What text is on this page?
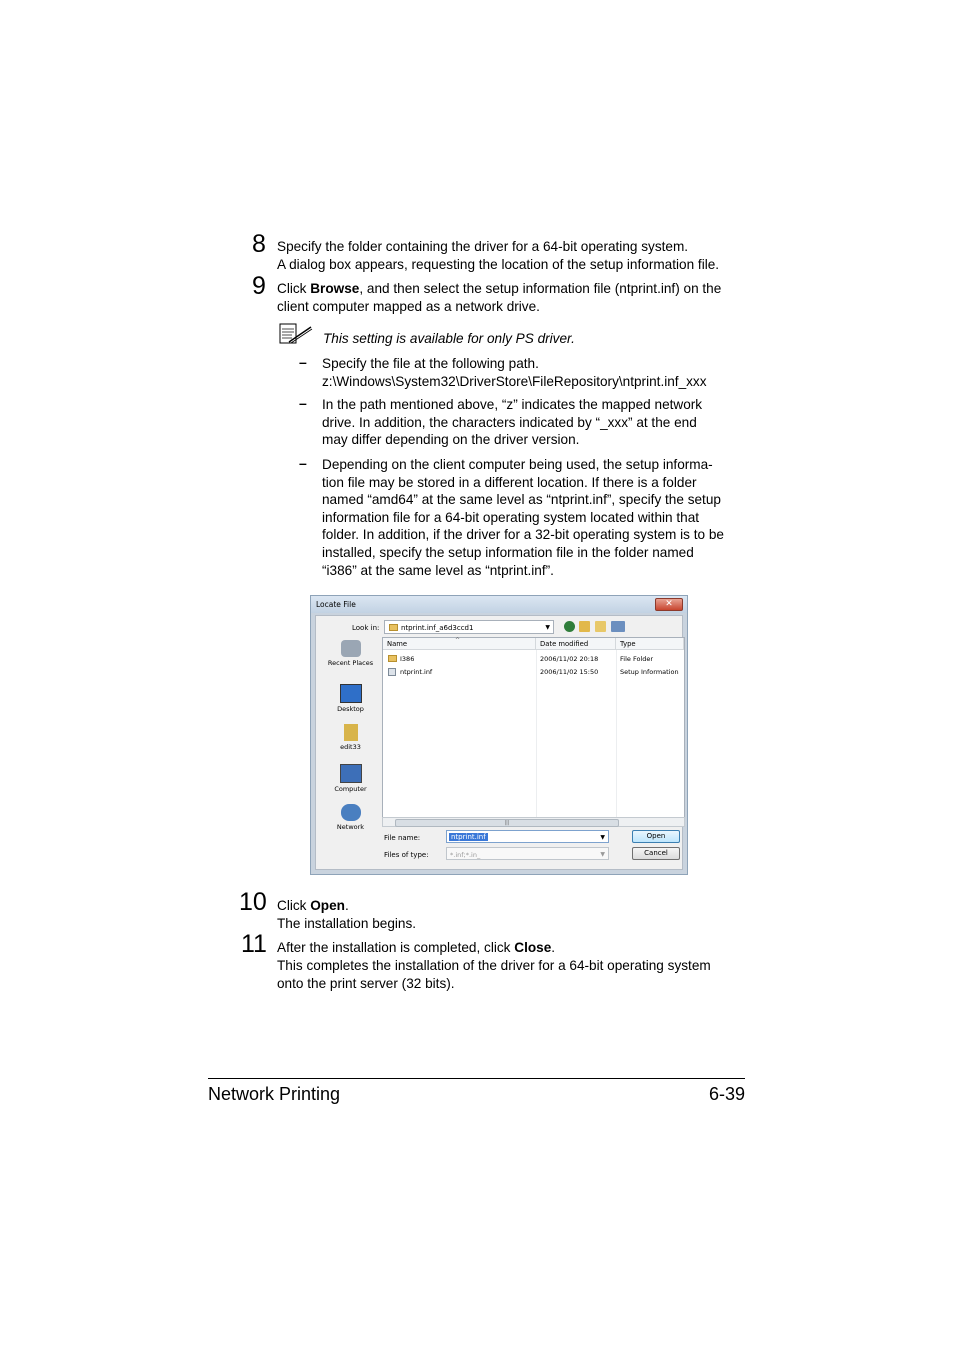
8 Specify the folder containing the driver for a 64-bit operating system.
A dialog box appears, requesting the location of the setup information file.
9 Click Browse, and then select the setup information file (ntprint.inf) on the
client computer mapped as a network drive.
This setting is available for only PS driver.
– Specify the file at the following path.
z:\Windows\System32\DriverStore\FileRepository\ntprint.inf_xxx
– In the path mentioned above, “z” indicates the mapped network
drive. In addition, the characters indicated by “_xxx” at the end
may differ depending on the driver version.
– Depending on the client computer being used, the setup informa-
tion file may be stored in a different location. If there is a folder
named “amd64” at the same level as “ntprint.inf”, specify the setup
information file for a 64-bit operating system located within that
folder. In addition, if the driver for a 32-bit operating system is to be
installed, specify the setup information file in the folder named
“i386” at the same level as “ntprint.inf”.
Locate File	✕
Look in:	ntprint.inf_a6d3ccd1	▼
Recent Places
Desktop
edit33
Computer
Network
Name	^	Date modified	Type
I386	2006/11/02 20:18	File Folder
ntprint.inf	2006/11/02 15:50	Setup Information
|||
File name:	ntprint.inf	▼	Open
Files of type:	*.inf;*.in_	▼	Cancel
10 Click Open.
The installation begins.
11 After the installation is completed, click Close.
This completes the installation of the driver for a 64-bit operating system
onto the print server (32 bits).
Network Printing	6-39
